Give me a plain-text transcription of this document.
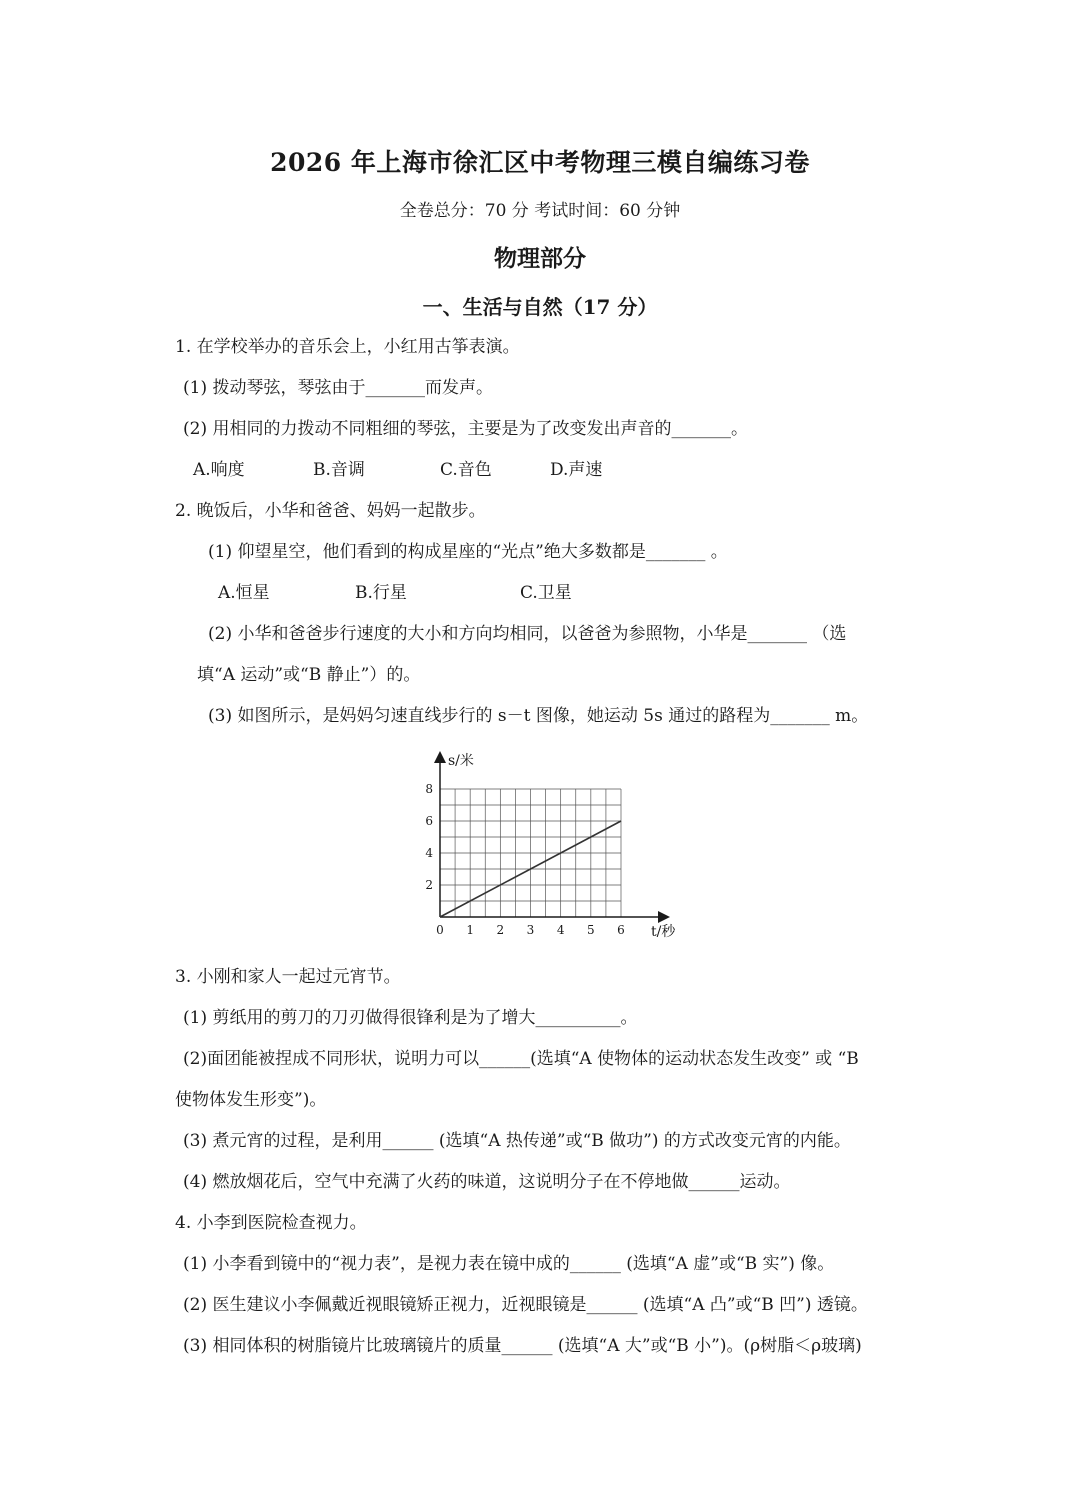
2026 年上海市徐汇区中考物理三模自编练习卷
全卷总分：70 分 考试时间：60 分钟
物理部分
一、生活与自然（17 分）
1. 在学校举办的音乐会上，小红用古筝表演。
(1) 拨动琴弦，琴弦由于_______而发声。
(2) 用相同的力拨动不同粗细的琴弦，主要是为了改变发出声音的_______。
A.响度	B.音调	C.音色	D.声速
2. 晚饭后，小华和爸爸、妈妈一起散步。
(1) 仰望星空，他们看到的构成星座的“光点”绝大多数都是_______ 。
A.恒星	B.行星	C.卫星
(2) 小华和爸爸步行速度的大小和方向均相同，以爸爸为参照物，小华是_______ （选
填“A 运动”或“B 静止”）的。
(3) 如图所示，是妈妈匀速直线步行的 s－t 图像，她运动 5s 通过的路程为_______ m。
0 1 2 3 4 5 6
2
4
6
8
s/米
t/秒
3. 小刚和家人一起过元宵节。
(1) 剪纸用的剪刀的刀刃做得很锋利是为了增大__________。
(2)面团能被捏成不同形状，说明力可以______(选填“A 使物体的运动状态发生改变” 或 “B
使物体发生形变”)。
(3) 煮元宵的过程，是利用______ (选填“A 热传递”或“B 做功”) 的方式改变元宵的内能。
(4) 燃放烟花后，空气中充满了火药的味道，这说明分子在不停地做______运动。
4. 小李到医院检查视力。
(1) 小李看到镜中的“视力表”，是视力表在镜中成的______ (选填“A 虚”或“B 实”) 像。
(2) 医生建议小李佩戴近视眼镜矫正视力，近视眼镜是______ (选填“A 凸”或“B 凹”) 透镜。
(3) 相同体积的树脂镜片比玻璃镜片的质量______ (选填“A 大”或“B 小”)。(ρ树脂＜ρ玻璃)
